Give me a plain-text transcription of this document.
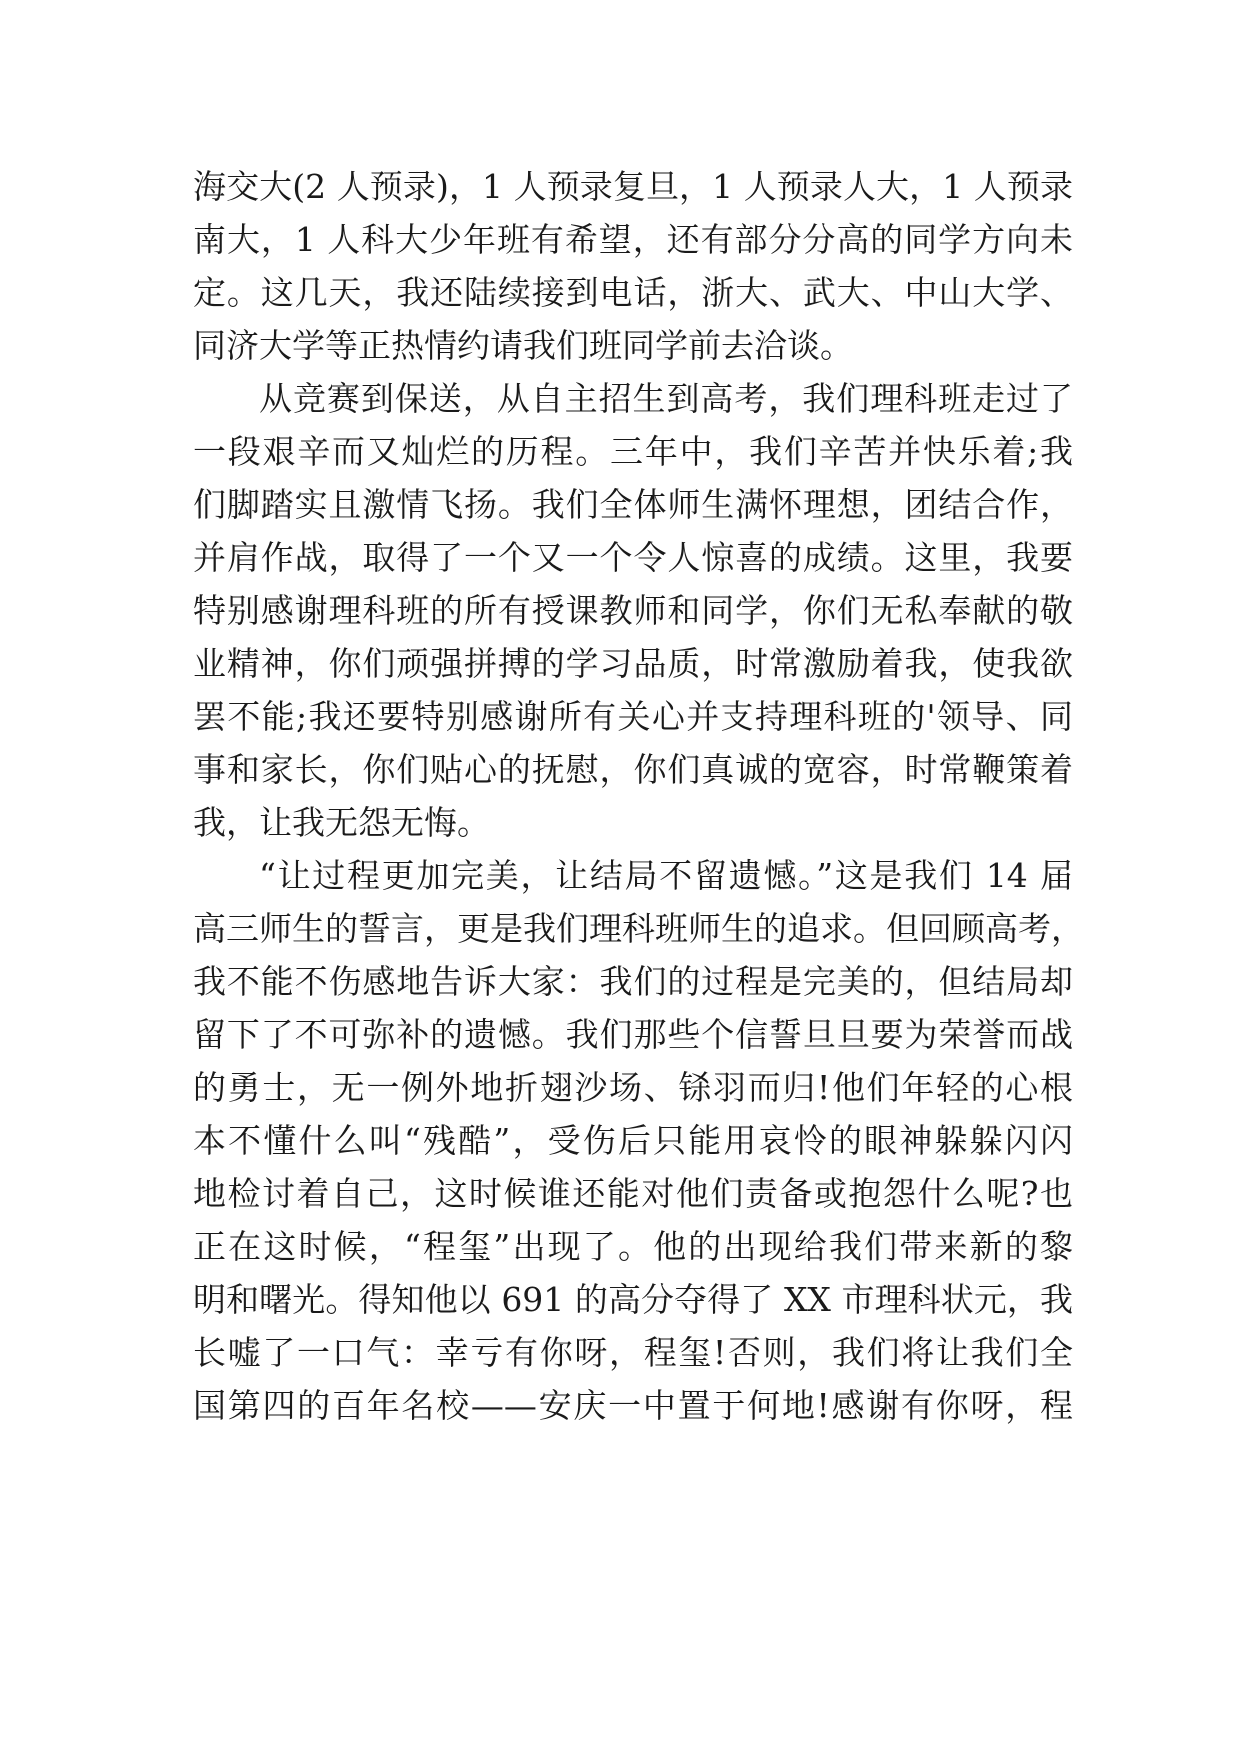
海交大(2 人预录)，1 人预录复旦，1 人预录人大，1 人预录
南大，1 人科大少年班有希望，还有部分分高的同学方向未
定。这几天，我还陆续接到电话，浙大、武大、中山大学、
同济大学等正热情约请我们班同学前去洽谈。
从竞赛到保送，从自主招生到高考，我们理科班走过了
一段艰辛而又灿烂的历程。三年中，我们辛苦并快乐着;我
们脚踏实且激情飞扬。我们全体师生满怀理想，团结合作，
并肩作战，取得了一个又一个令人惊喜的成绩。这里，我要
特别感谢理科班的所有授课教师和同学，你们无私奉献的敬
业精神，你们顽强拼搏的学习品质，时常激励着我，使我欲
罢不能;我还要特别感谢所有关心并支持理科班的'领导、同
事和家长，你们贴心的抚慰，你们真诚的宽容，时常鞭策着
我，让我无怨无悔。
“让过程更加完美，让结局不留遗憾。”这是我们 14 届
高三师生的誓言，更是我们理科班师生的追求。但回顾高考，
我不能不伤感地告诉大家：我们的过程是完美的，但结局却
留下了不可弥补的遗憾。我们那些个信誓旦旦要为荣誉而战
的勇士，无一例外地折翅沙场、铩羽而归!他们年轻的心根
本不懂什么叫“残酷”，受伤后只能用哀怜的眼神躲躲闪闪
地检讨着自己，这时候谁还能对他们责备或抱怨什么呢?也
正在这时候，“程玺”出现了。他的出现给我们带来新的黎
明和曙光。得知他以 691 的高分夺得了 XX 市理科状元，我
长嘘了一口气：幸亏有你呀，程玺!否则，我们将让我们全
国第四的百年名校——安庆一中置于何地!感谢有你呀，程
